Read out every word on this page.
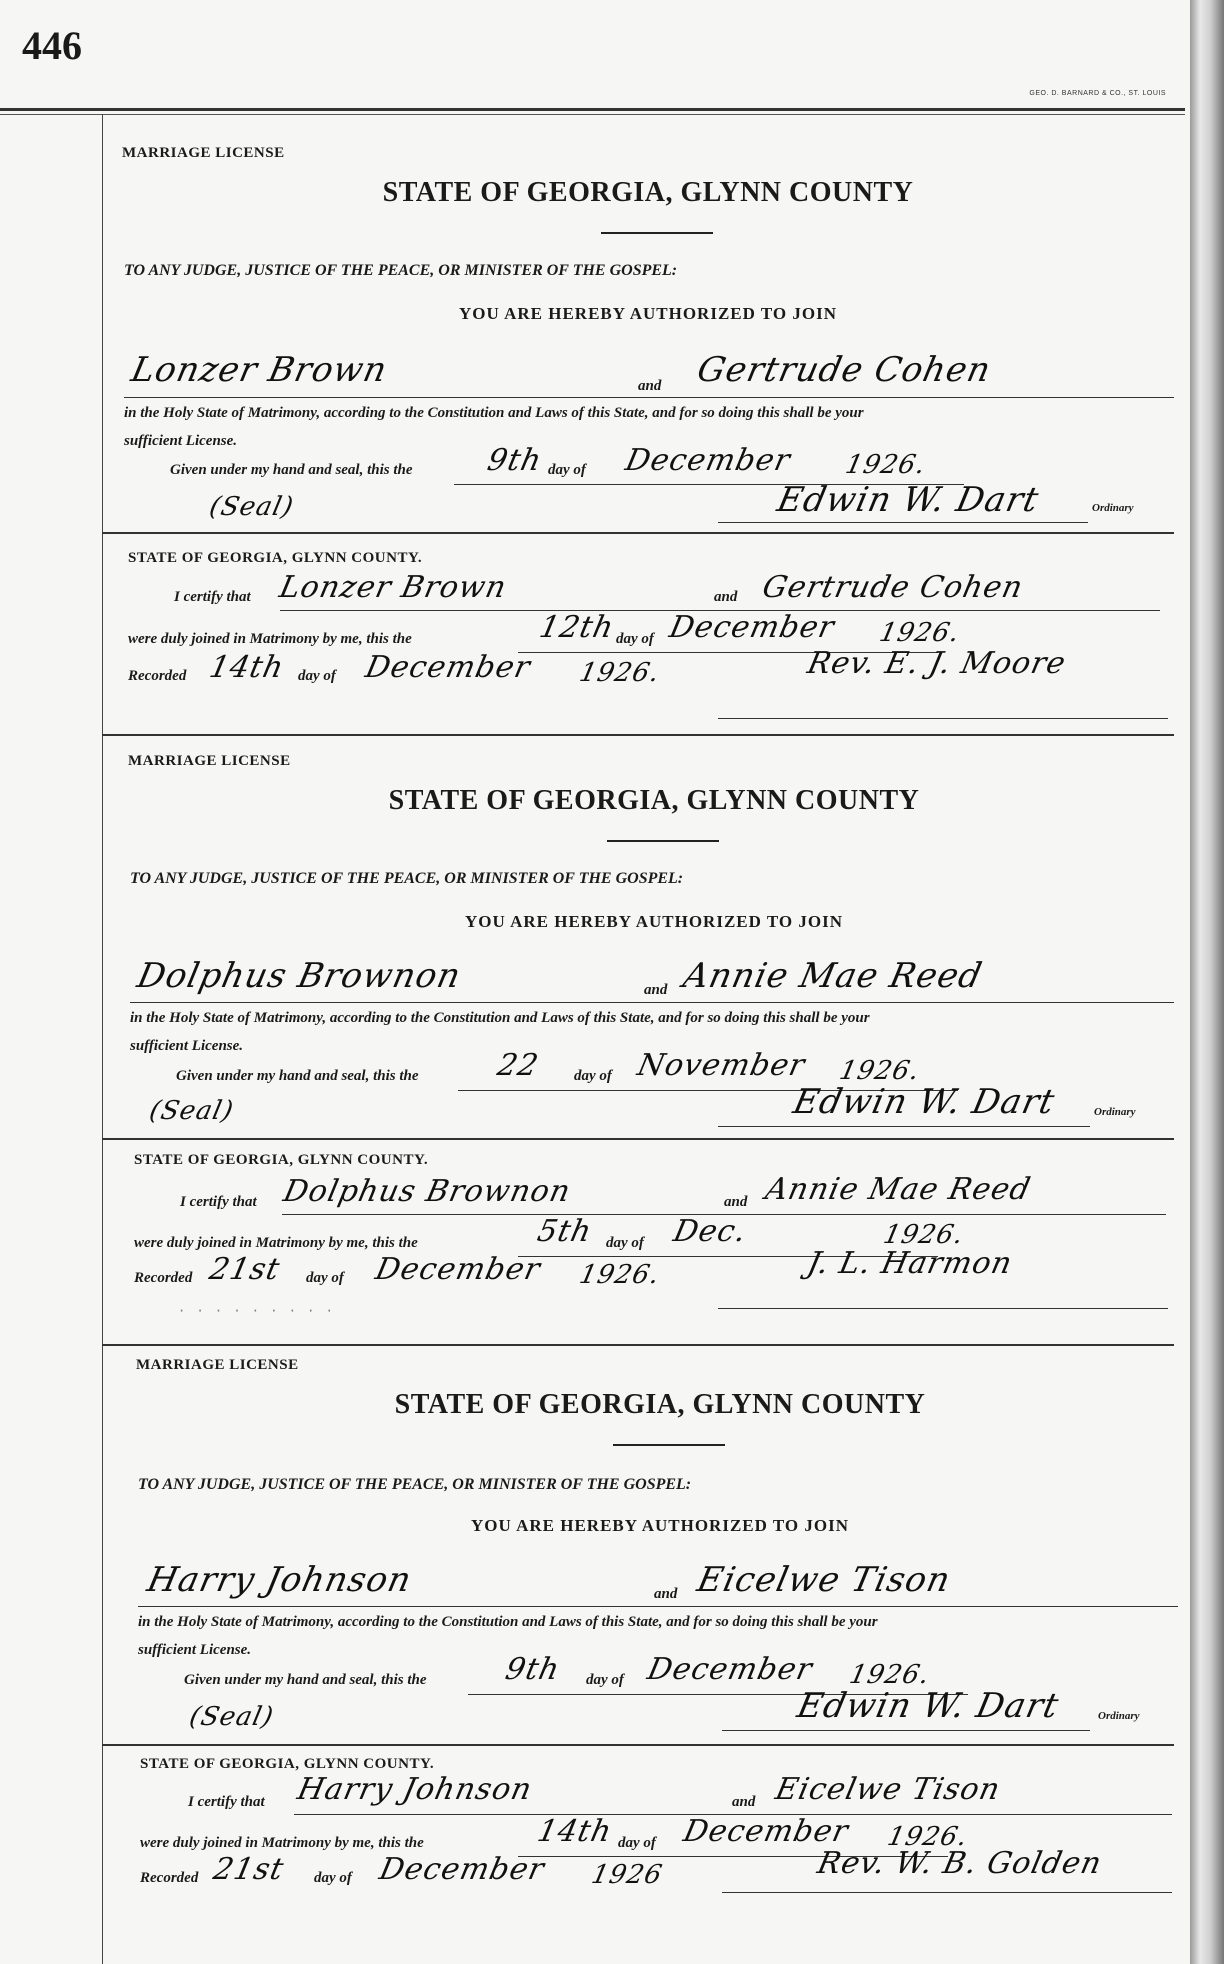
446
GEO. D. BARNARD & CO., ST. LOUIS
MARRIAGE LICENSE
STATE OF GEORGIA, GLYNN COUNTY
TO ANY JUDGE, JUSTICE OF THE PEACE, OR MINISTER OF THE GOSPEL:
YOU ARE HEREBY AUTHORIZED TO JOIN
Lonzer Brown	and Gertrude Cohen
in the Holy State of Matrimony, according to the Constitution and Laws of this State, and for so doing this shall be your
sufficient License.
Given under my hand and seal, this the 9th day of December 1926.
(Seal)	Edwin W. Dart	Ordinary
STATE OF GEORGIA, GLYNN COUNTY.
I certify that Lonzer Brown	and Gertrude Cohen
were duly joined in Matrimony by me, this the	12th
day of December 1926.
Recorded 14th day of December 1926.	Rev. E. J. Moore
MARRIAGE LICENSE
STATE OF GEORGIA, GLYNN COUNTY
TO ANY JUDGE, JUSTICE OF THE PEACE, OR MINISTER OF THE GOSPEL:
YOU ARE HEREBY AUTHORIZED TO JOIN
Dolphus Brownon	and Annie Mae Reed
in the Holy State of Matrimony, according to the Constitution and Laws of this State, and for so doing this shall be your
sufficient License.
Given under my hand and seal, this the	22 day of November 1926.
(Seal)	Edwin W. Dart	Ordinary
STATE OF GEORGIA, GLYNN COUNTY.
I certify that Dolphus Brownon	and Annie Mae Reed
were duly joined in Matrimony by me, this the	5th day of Dec.	1926.
Recorded 21st day of December 1926.	J. L. Harmon
· · · · · · · · ·
MARRIAGE LICENSE
STATE OF GEORGIA, GLYNN COUNTY
TO ANY JUDGE, JUSTICE OF THE PEACE, OR MINISTER OF THE GOSPEL:
YOU ARE HEREBY AUTHORIZED TO JOIN
Harry Johnson	and Eicelwe Tison
in the Holy State of Matrimony, according to the Constitution and Laws of this State, and for so doing this shall be your
sufficient License.
Given under my hand and seal, this the	9th day of December 1926.
(Seal)	Edwin W. Dart	Ordinary
STATE OF GEORGIA, GLYNN COUNTY.
I certify that Harry Johnson	and Eicelwe Tison
were duly joined in Matrimony by me, this the	14th day of December 1926.
Recorded 21st day of December 1926	Rev. W. B. Golden
